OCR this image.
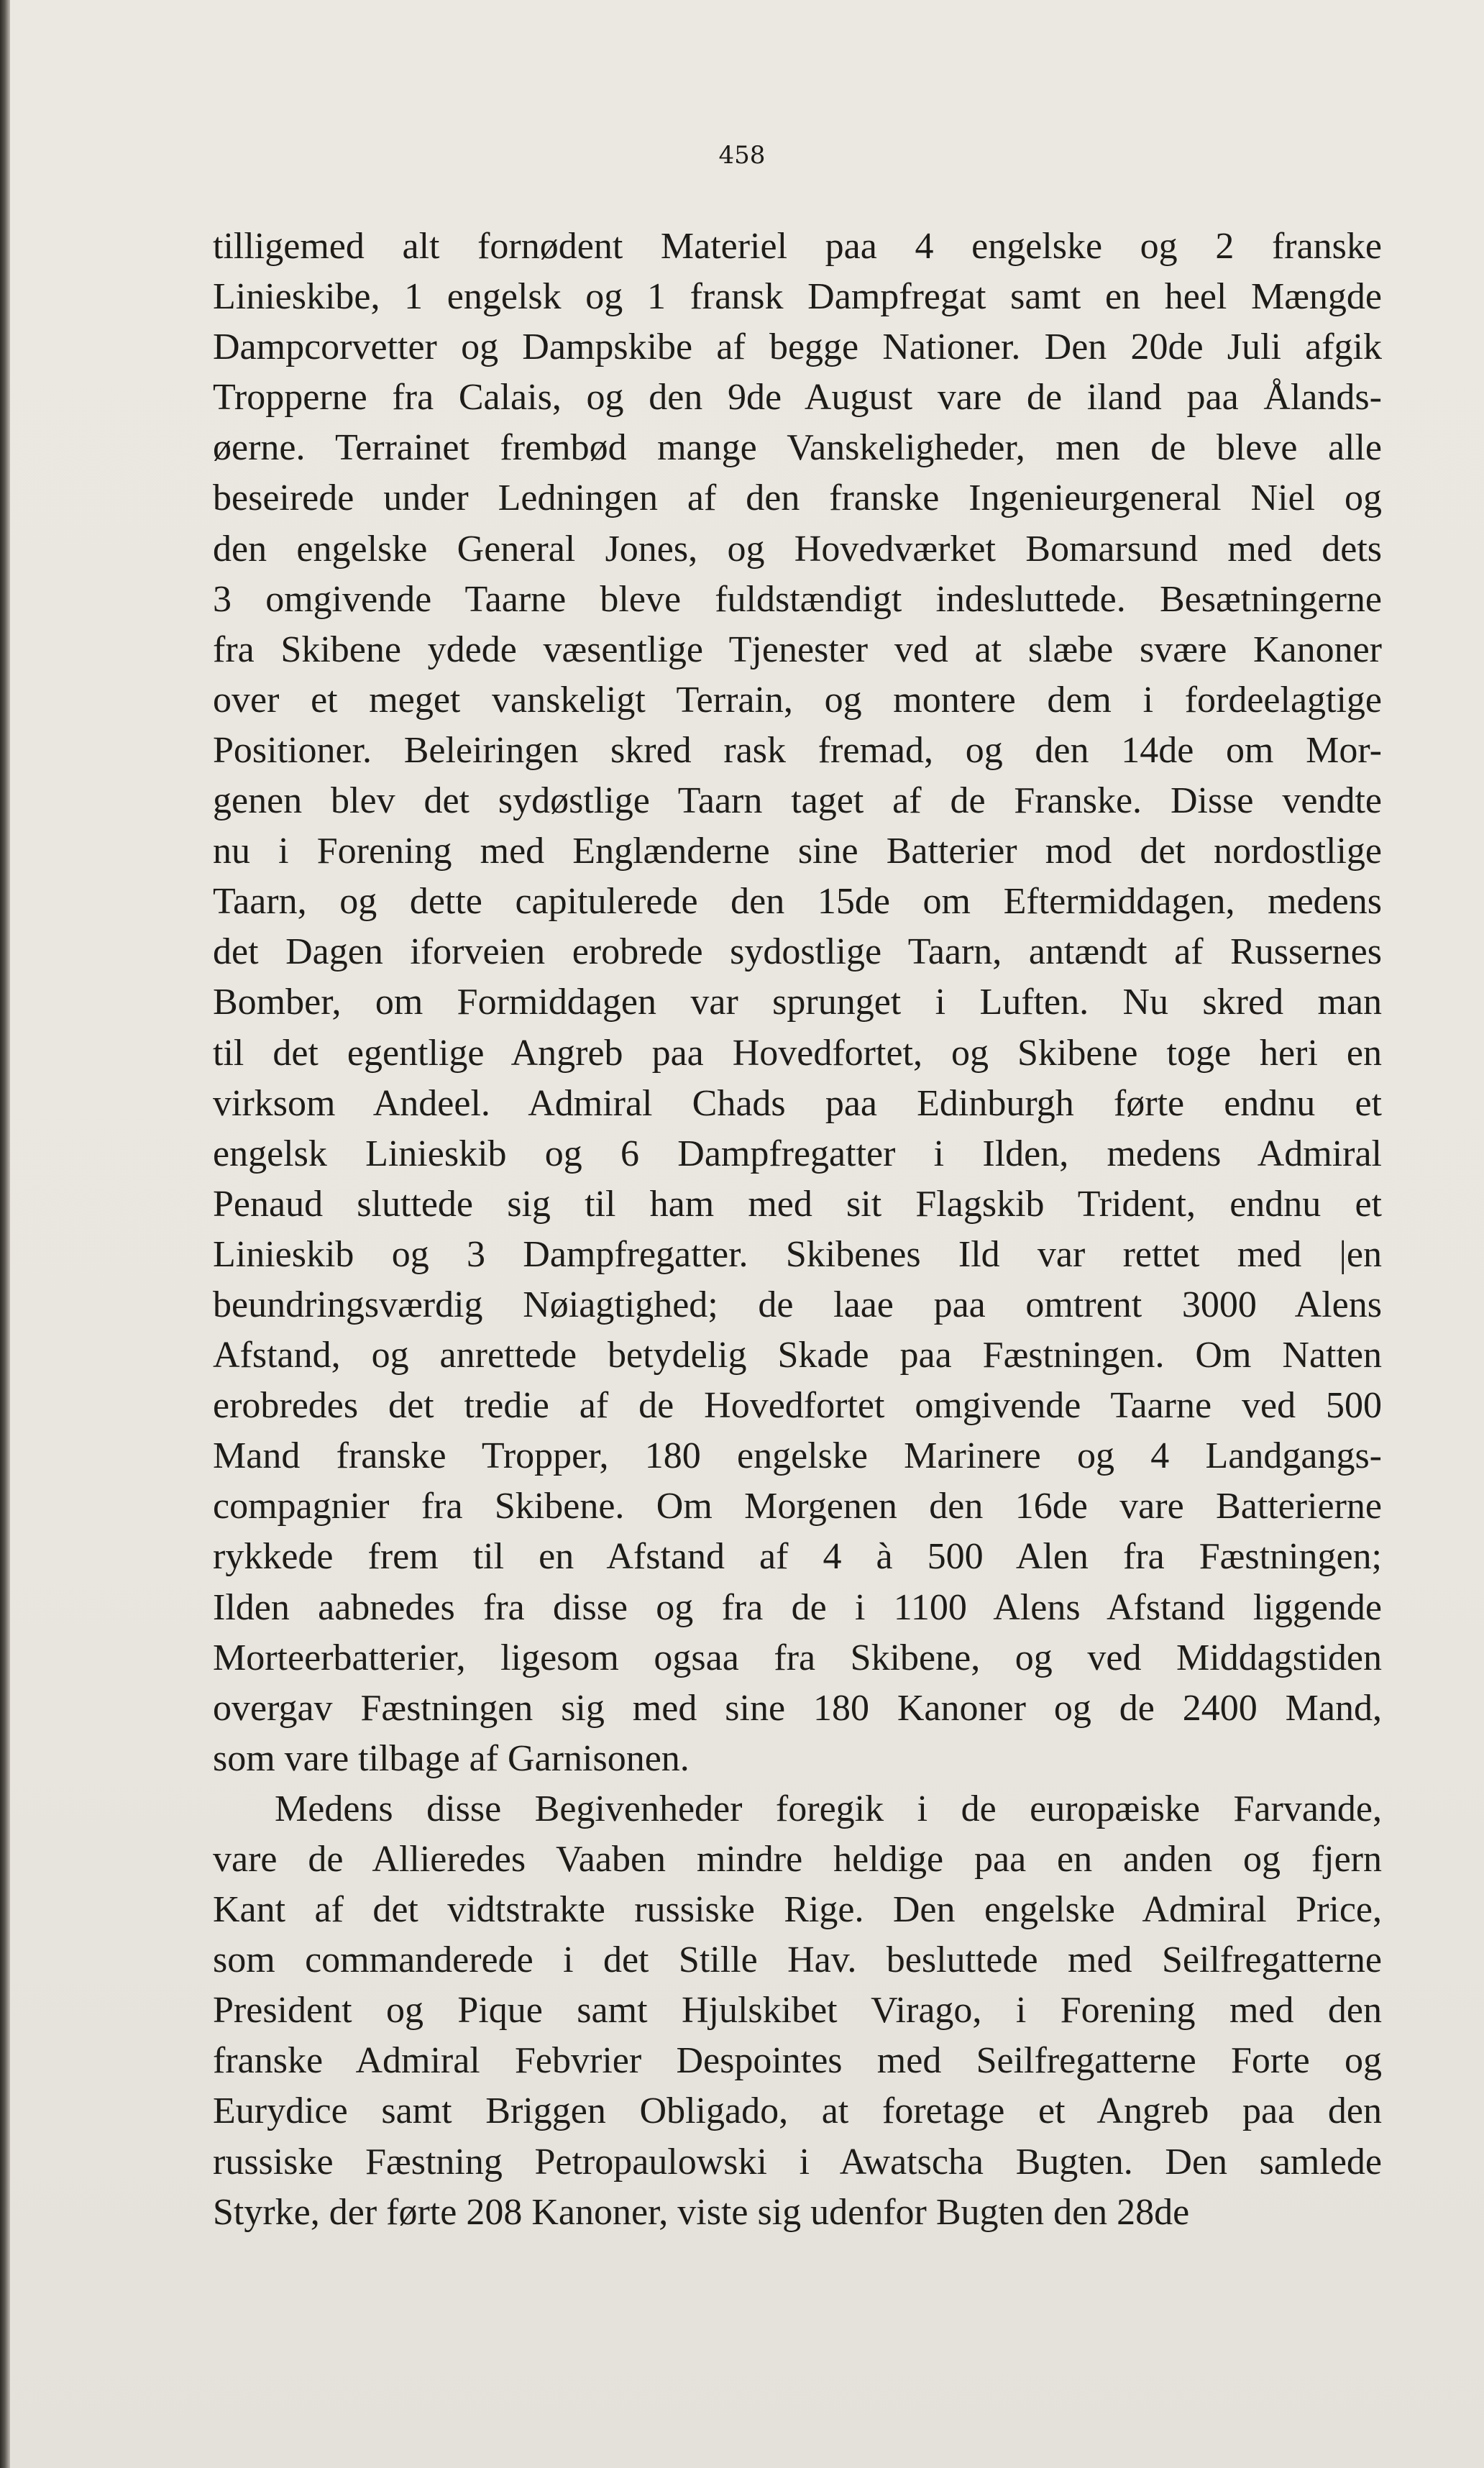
458

tilligemed alt fornødent Materiel paa 4 engelske og 2 franske

Linieskibe, 1 engelsk og 1 fransk Dampfregat samt en heel Mængde

Dampcorvetter og Dampskibe af begge Nationer. Den 20de Juli afgik

Tropperne fra Calais, og den 9de August vare de iland paa Ålands-

øerne. Terrainet frembød mange Vanskeligheder, men de bleve alle

beseirede under Ledningen af den franske Ingenieurgeneral Niel og

den engelske General Jones, og Hovedværket Bomarsund med dets

3 omgivende Taarne bleve fuldstændigt indesluttede. Besætningerne

fra Skibene ydede væsentlige Tjenester ved at slæbe svære Kanoner

over et meget vanskeligt Terrain, og montere dem i fordeelagtige

Positioner. Beleiringen skred rask fremad, og den 14de om Mor-

genen blev det sydøstlige Taarn taget af de Franske. Disse vendte

nu i Forening med Englænderne sine Batterier mod det nordostlige

Taarn, og dette capitulerede den 15de om Eftermiddagen, medens

det Dagen iforveien erobrede sydostlige Taarn, antændt af Russernes

Bomber, om Formiddagen var sprunget i Luften. Nu skred man

til det egentlige Angreb paa Hovedfortet, og Skibene toge heri en

virksom Andeel. Admiral Chads paa Edinburgh førte endnu et

engelsk Linieskib og 6 Dampfregatter i Ilden, medens Admiral

Penaud sluttede sig til ham med sit Flagskib Trident, endnu et

Linieskib og 3 Dampfregatter. Skibenes Ild var rettet med |en

beundringsværdig Nøiagtighed; de laae paa omtrent 3000 Alens

Afstand, og anrettede betydelig Skade paa Fæstningen. Om Natten

erobredes det tredie af de Hovedfortet omgivende Taarne ved 500

Mand franske Tropper, 180 engelske Marinere og 4 Landgangs-

compagnier fra Skibene. Om Morgenen den 16de vare Batterierne

rykkede frem til en Afstand af 4 à 500 Alen fra Fæstningen;

Ilden aabnedes fra disse og fra de i 1100 Alens Afstand liggende

Morteerbatterier, ligesom ogsaa fra Skibene, og ved Middagstiden

overgav Fæstningen sig med sine 180 Kanoner og de 2400 Mand,

som vare tilbage af Garnisonen.

Medens disse Begivenheder foregik i de europæiske Farvande,

vare de Allieredes Vaaben mindre heldige paa en anden og fjern

Kant af det vidtstrakte russiske Rige. Den engelske Admiral Price,

som commanderede i det Stille Hav. besluttede med Seilfregatterne

President og Pique samt Hjulskibet Virago, i Forening med den

franske Admiral Febvrier Despointes med Seilfregatterne Forte og

Eurydice samt Briggen Obligado, at foretage et Angreb paa den

russiske Fæstning Petropaulowski i Awatscha Bugten. Den samlede

Styrke, der førte 208 Kanoner, viste sig udenfor Bugten den 28de
